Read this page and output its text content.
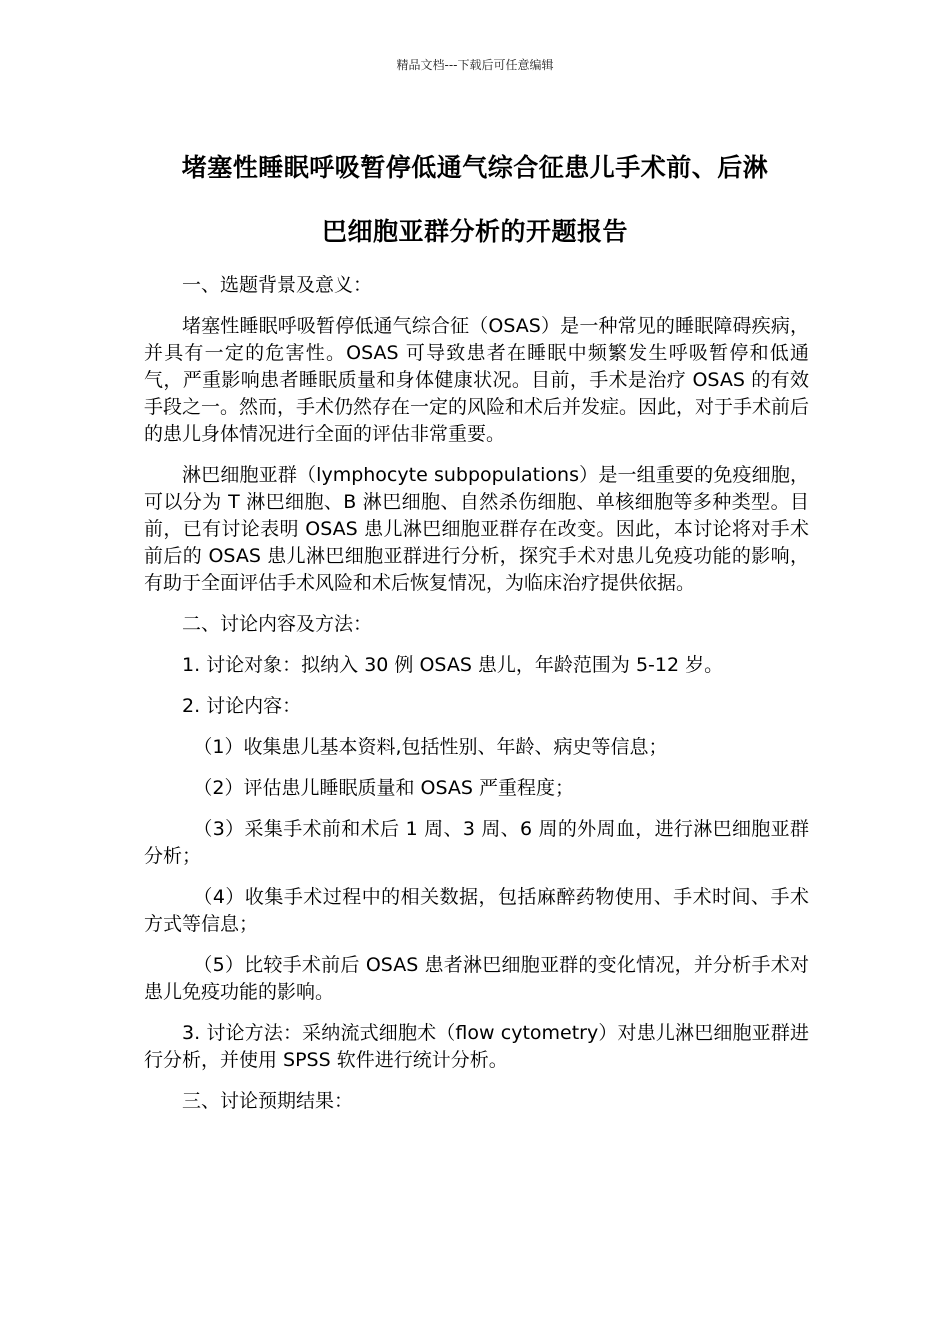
精品文档---下载后可任意编辑
堵塞性睡眠呼吸暂停低通气综合征患儿手术前、后淋
巴细胞亚群分析的开题报告

一、选题背景及意义：

堵塞性睡眠呼吸暂停低通气综合征（OSAS）是一种常见的睡眠障碍疾病，并具有一定的危害性。OSAS 可导致患者在睡眠中频繁发生呼吸暂停和低通气，严重影响患者睡眠质量和身体健康状况。目前，手术是治疗 OSAS 的有效手段之一。然而，手术仍然存在一定的风险和术后并发症。因此，对于手术前后的患儿身体情况进行全面的评估非常重要。

淋巴细胞亚群（lymphocyte subpopulations）是一组重要的免疫细胞，可以分为 T 淋巴细胞、B 淋巴细胞、自然杀伤细胞、单核细胞等多种类型。目前，已有讨论表明 OSAS 患儿淋巴细胞亚群存在改变。因此，本讨论将对手术前后的 OSAS 患儿淋巴细胞亚群进行分析，探究手术对患儿免疫功能的影响，有助于全面评估手术风险和术后恢复情况，为临床治疗提供依据。

二、讨论内容及方法：

1. 讨论对象：拟纳入 30 例 OSAS 患儿，年龄范围为 5-12 岁。

2. 讨论内容：

（1）收集患儿基本资料,包括性别、年龄、病史等信息；

（2）评估患儿睡眠质量和 OSAS 严重程度；

（3）采集手术前和术后 1 周、3 周、6 周的外周血，进行淋巴细胞亚群分析；

（4）收集手术过程中的相关数据，包括麻醉药物使用、手术时间、手术方式等信息；

（5）比较手术前后 OSAS 患者淋巴细胞亚群的变化情况，并分析手术对患儿免疫功能的影响。

3. 讨论方法：采纳流式细胞术（flow cytometry）对患儿淋巴细胞亚群进行分析，并使用 SPSS 软件进行统计分析。

三、讨论预期结果：
